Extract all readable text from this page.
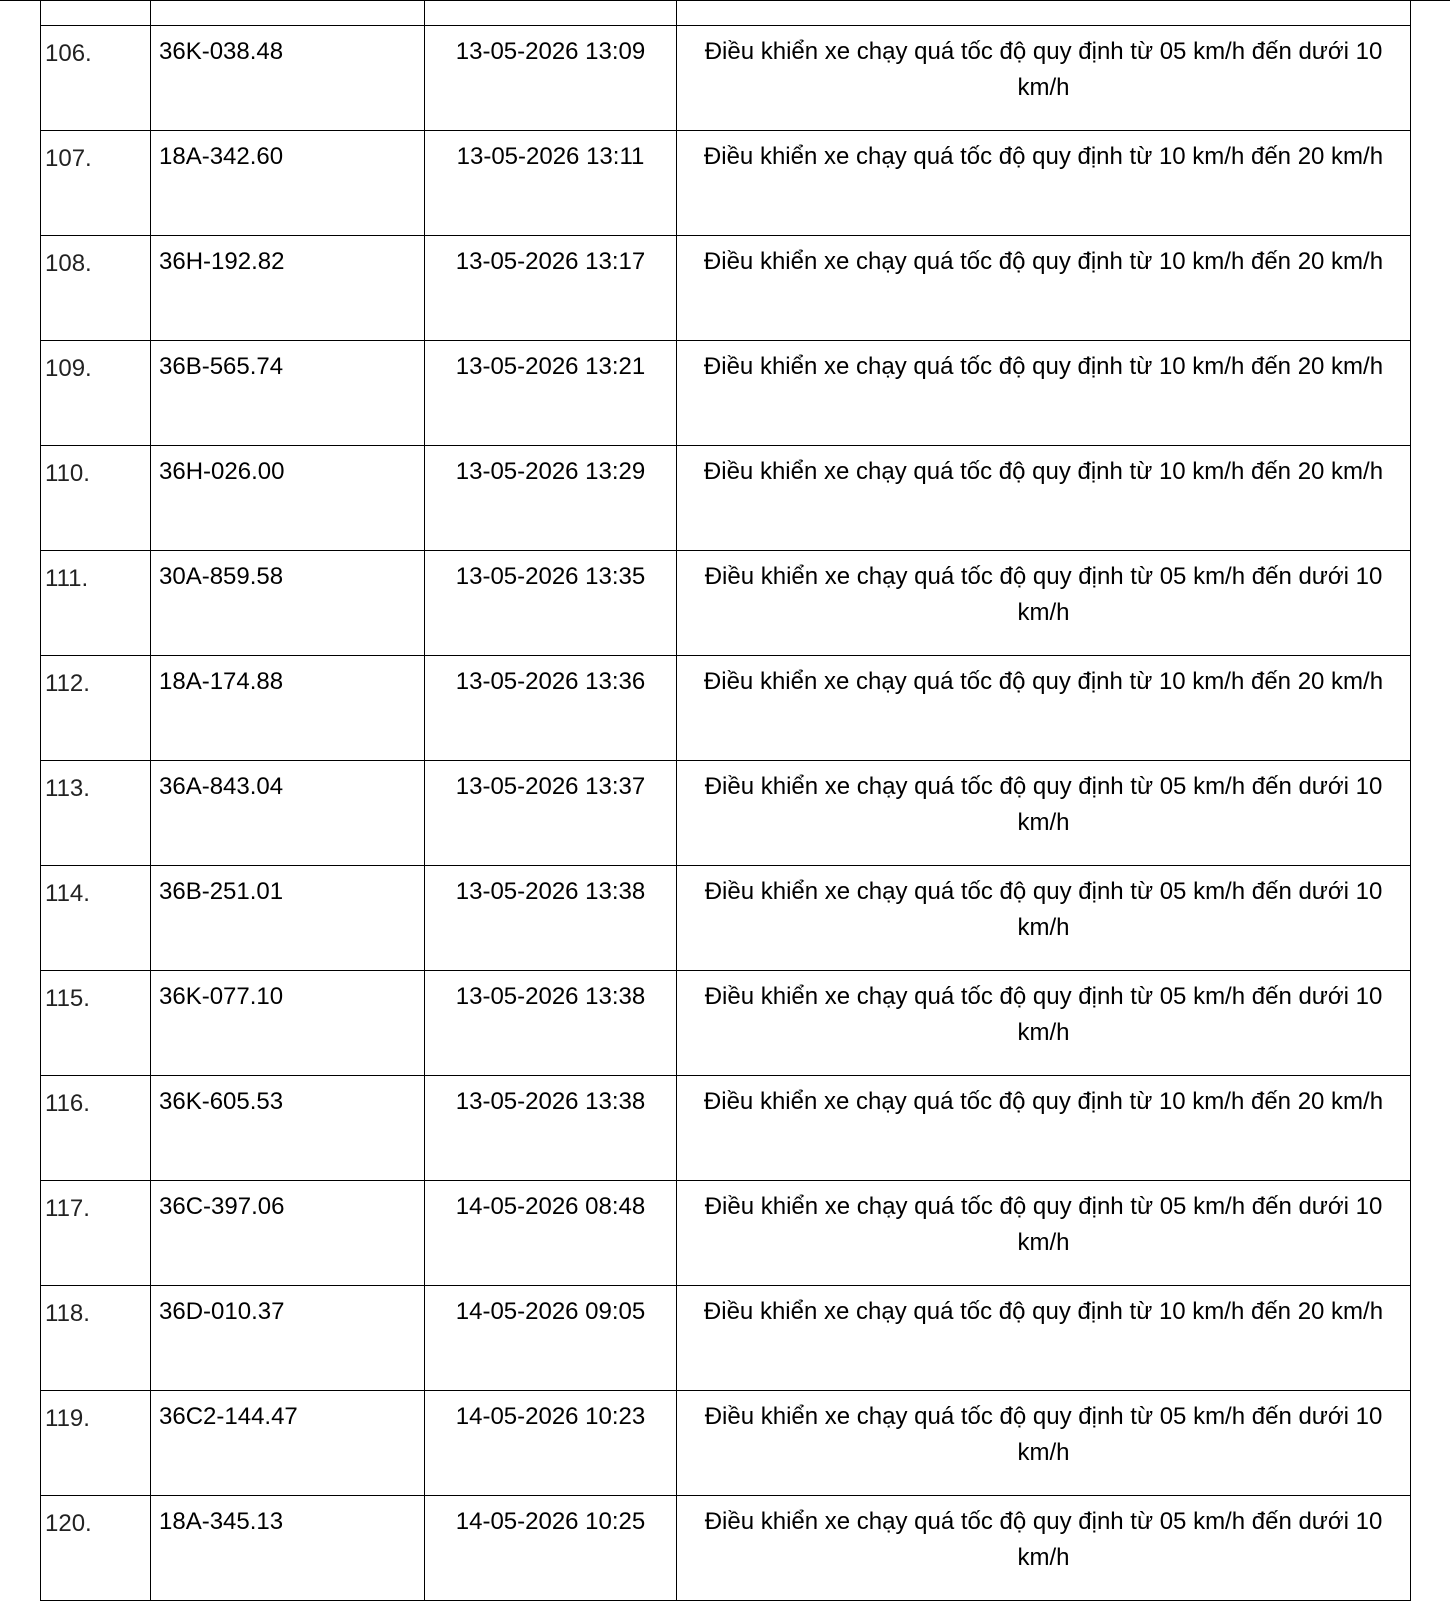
106.	36K-038.48	13-05-2026 13:09	Điều khiển xe chạy quá tốc độ quy định từ 05 km/h đến dưới 10 km/h
107.	18A-342.60	13-05-2026 13:11	Điều khiển xe chạy quá tốc độ quy định từ 10 km/h đến 20 km/h
108.	36H-192.82	13-05-2026 13:17	Điều khiển xe chạy quá tốc độ quy định từ 10 km/h đến 20 km/h
109.	36B-565.74	13-05-2026 13:21	Điều khiển xe chạy quá tốc độ quy định từ 10 km/h đến 20 km/h
110.	36H-026.00	13-05-2026 13:29	Điều khiển xe chạy quá tốc độ quy định từ 10 km/h đến 20 km/h
111.	30A-859.58	13-05-2026 13:35	Điều khiển xe chạy quá tốc độ quy định từ 05 km/h đến dưới 10 km/h
112.	18A-174.88	13-05-2026 13:36	Điều khiển xe chạy quá tốc độ quy định từ 10 km/h đến 20 km/h
113.	36A-843.04	13-05-2026 13:37	Điều khiển xe chạy quá tốc độ quy định từ 05 km/h đến dưới 10 km/h
114.	36B-251.01	13-05-2026 13:38	Điều khiển xe chạy quá tốc độ quy định từ 05 km/h đến dưới 10 km/h
115.	36K-077.10	13-05-2026 13:38	Điều khiển xe chạy quá tốc độ quy định từ 05 km/h đến dưới 10 km/h
116.	36K-605.53	13-05-2026 13:38	Điều khiển xe chạy quá tốc độ quy định từ 10 km/h đến 20 km/h
117.	36C-397.06	14-05-2026 08:48	Điều khiển xe chạy quá tốc độ quy định từ 05 km/h đến dưới 10 km/h
118.	36D-010.37	14-05-2026 09:05	Điều khiển xe chạy quá tốc độ quy định từ 10 km/h đến 20 km/h
119.	36C2-144.47	14-05-2026 10:23	Điều khiển xe chạy quá tốc độ quy định từ 05 km/h đến dưới 10 km/h
120.	18A-345.13	14-05-2026 10:25	Điều khiển xe chạy quá tốc độ quy định từ 05 km/h đến dưới 10 km/h
